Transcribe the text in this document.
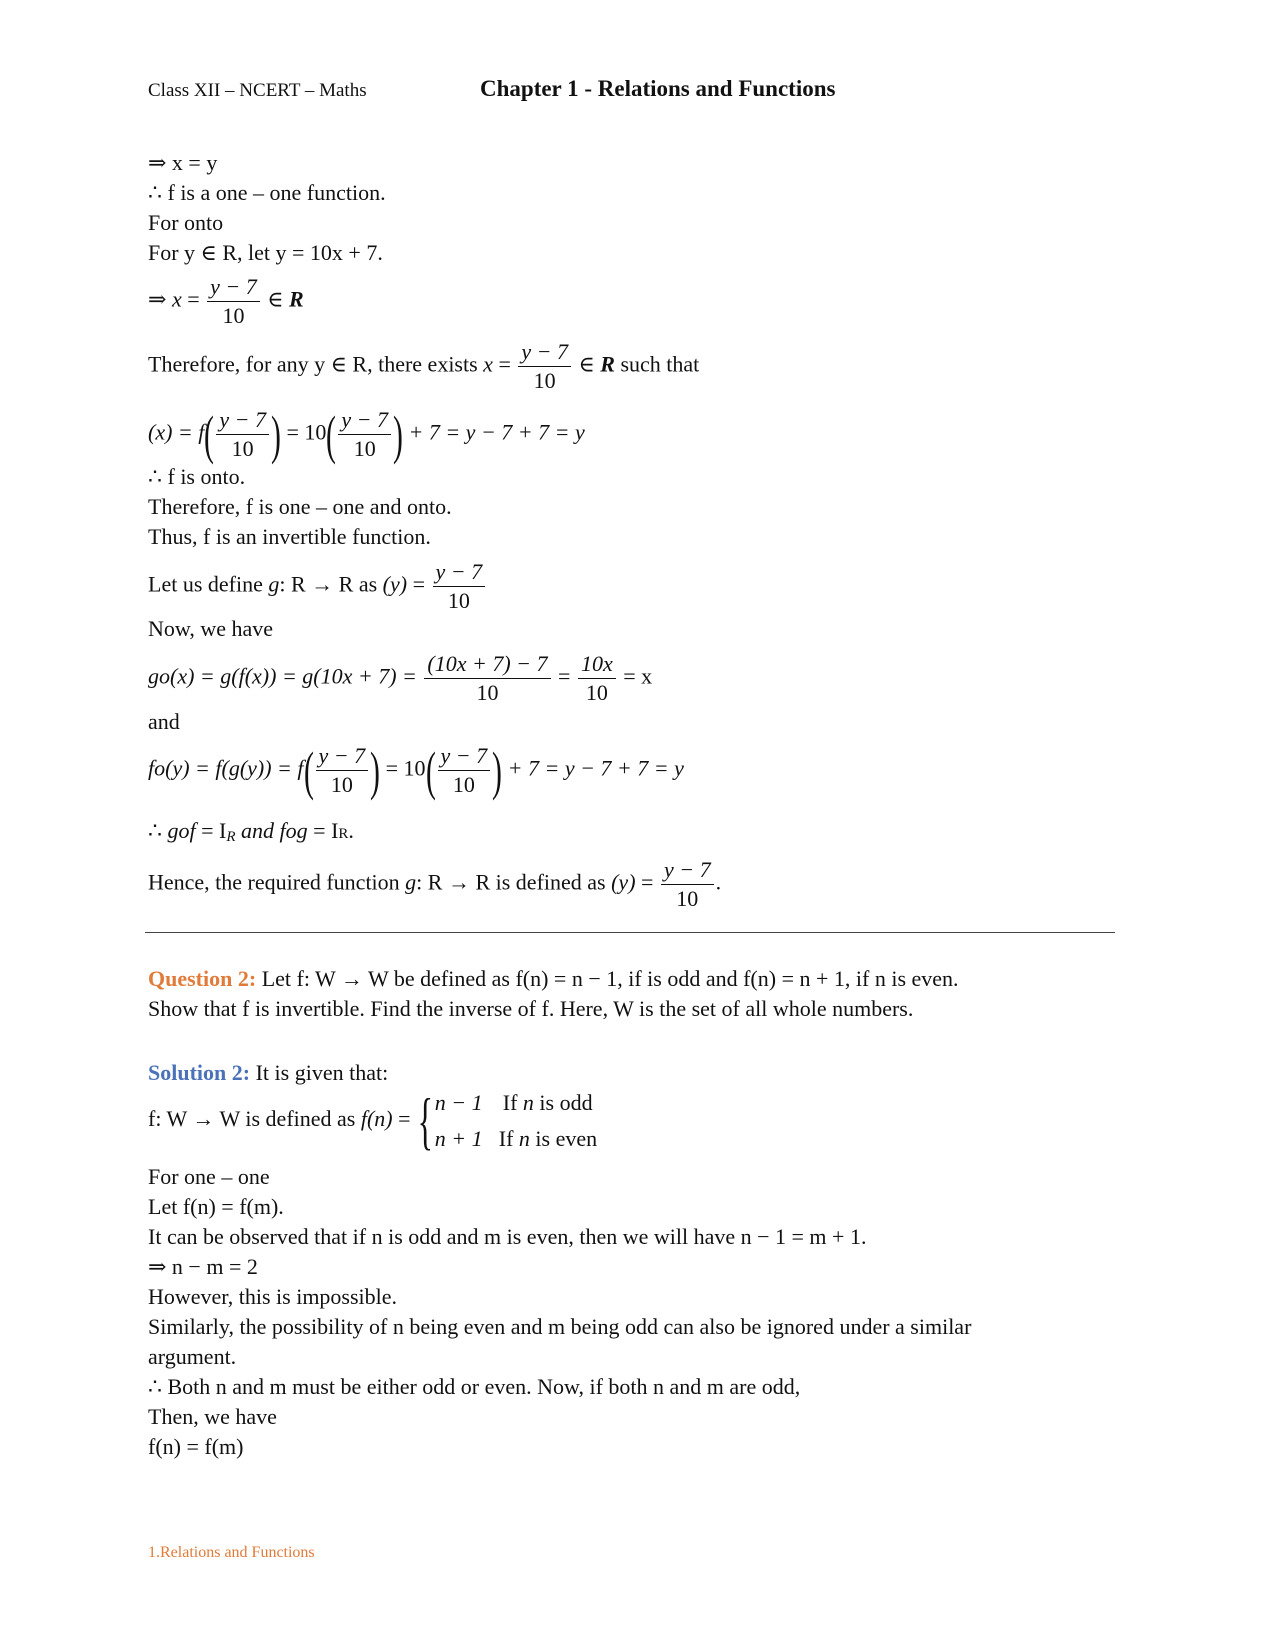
Class XII – NCERT – Maths	Chapter 1 - Relations and Functions
⇒ x = y
∴ f is a one – one function.
For onto
For y ∈ R, let y = 10x + 7.
⇒ $x = \frac{y - 7}{10}$ ∈ R
Therefore, for any y ∈ R, there exists $x = \frac{y - 7}{10}$ ∈ R such that
$(x) = f( \frac{y - 7}{10}$ ) = $10( \frac{y - 7}{10}$ ) + 7 = y − 7 + 7 = y
∴ f is onto.
Therefore, f is one – one and onto.
Thus, f is an invertible function.
Let us define g: R → R as $(y) = \frac{y - 7}{10}$
Now, we have
$go(x) = g(f(x)) = g(10x + 7) = \frac{(10x + 7) - 7}{10} = \frac{10x}{10} = x$
and
$fo(y) = f(g(y)) = f( \frac{y - 7}{10}$ ) = $10( \frac{y - 7}{10}$ ) + 7 = y − 7 + 7 = y
∴ gof = $I_R$ and fog = IR.
Hence, the required function g: R → R is defined as $(y) = \frac{y - 7}{10}$ .
Question 2: Let f: W → W be defined as f(n) = n − 1, if is odd and f(n) = n + 1, if n is even.
Show that f is invertible. Find the inverse of f. Here, W is the set of all whole numbers.
Solution 2: It is given that:
f: W → W is defined as f(n) = { n − 1 If n is odd
n + 1 If n is even
For one – one
Let f(n) = f(m).
It can be observed that if n is odd and m is even, then we will have n − 1 = m + 1.
⇒ n − m = 2
However, this is impossible.
Similarly, the possibility of n being even and m being odd can also be ignored under a similar
argument.
∴ Both n and m must be either odd or even. Now, if both n and m are odd,
Then, we have
f(n) = f(m)
1.Relations and Functions
